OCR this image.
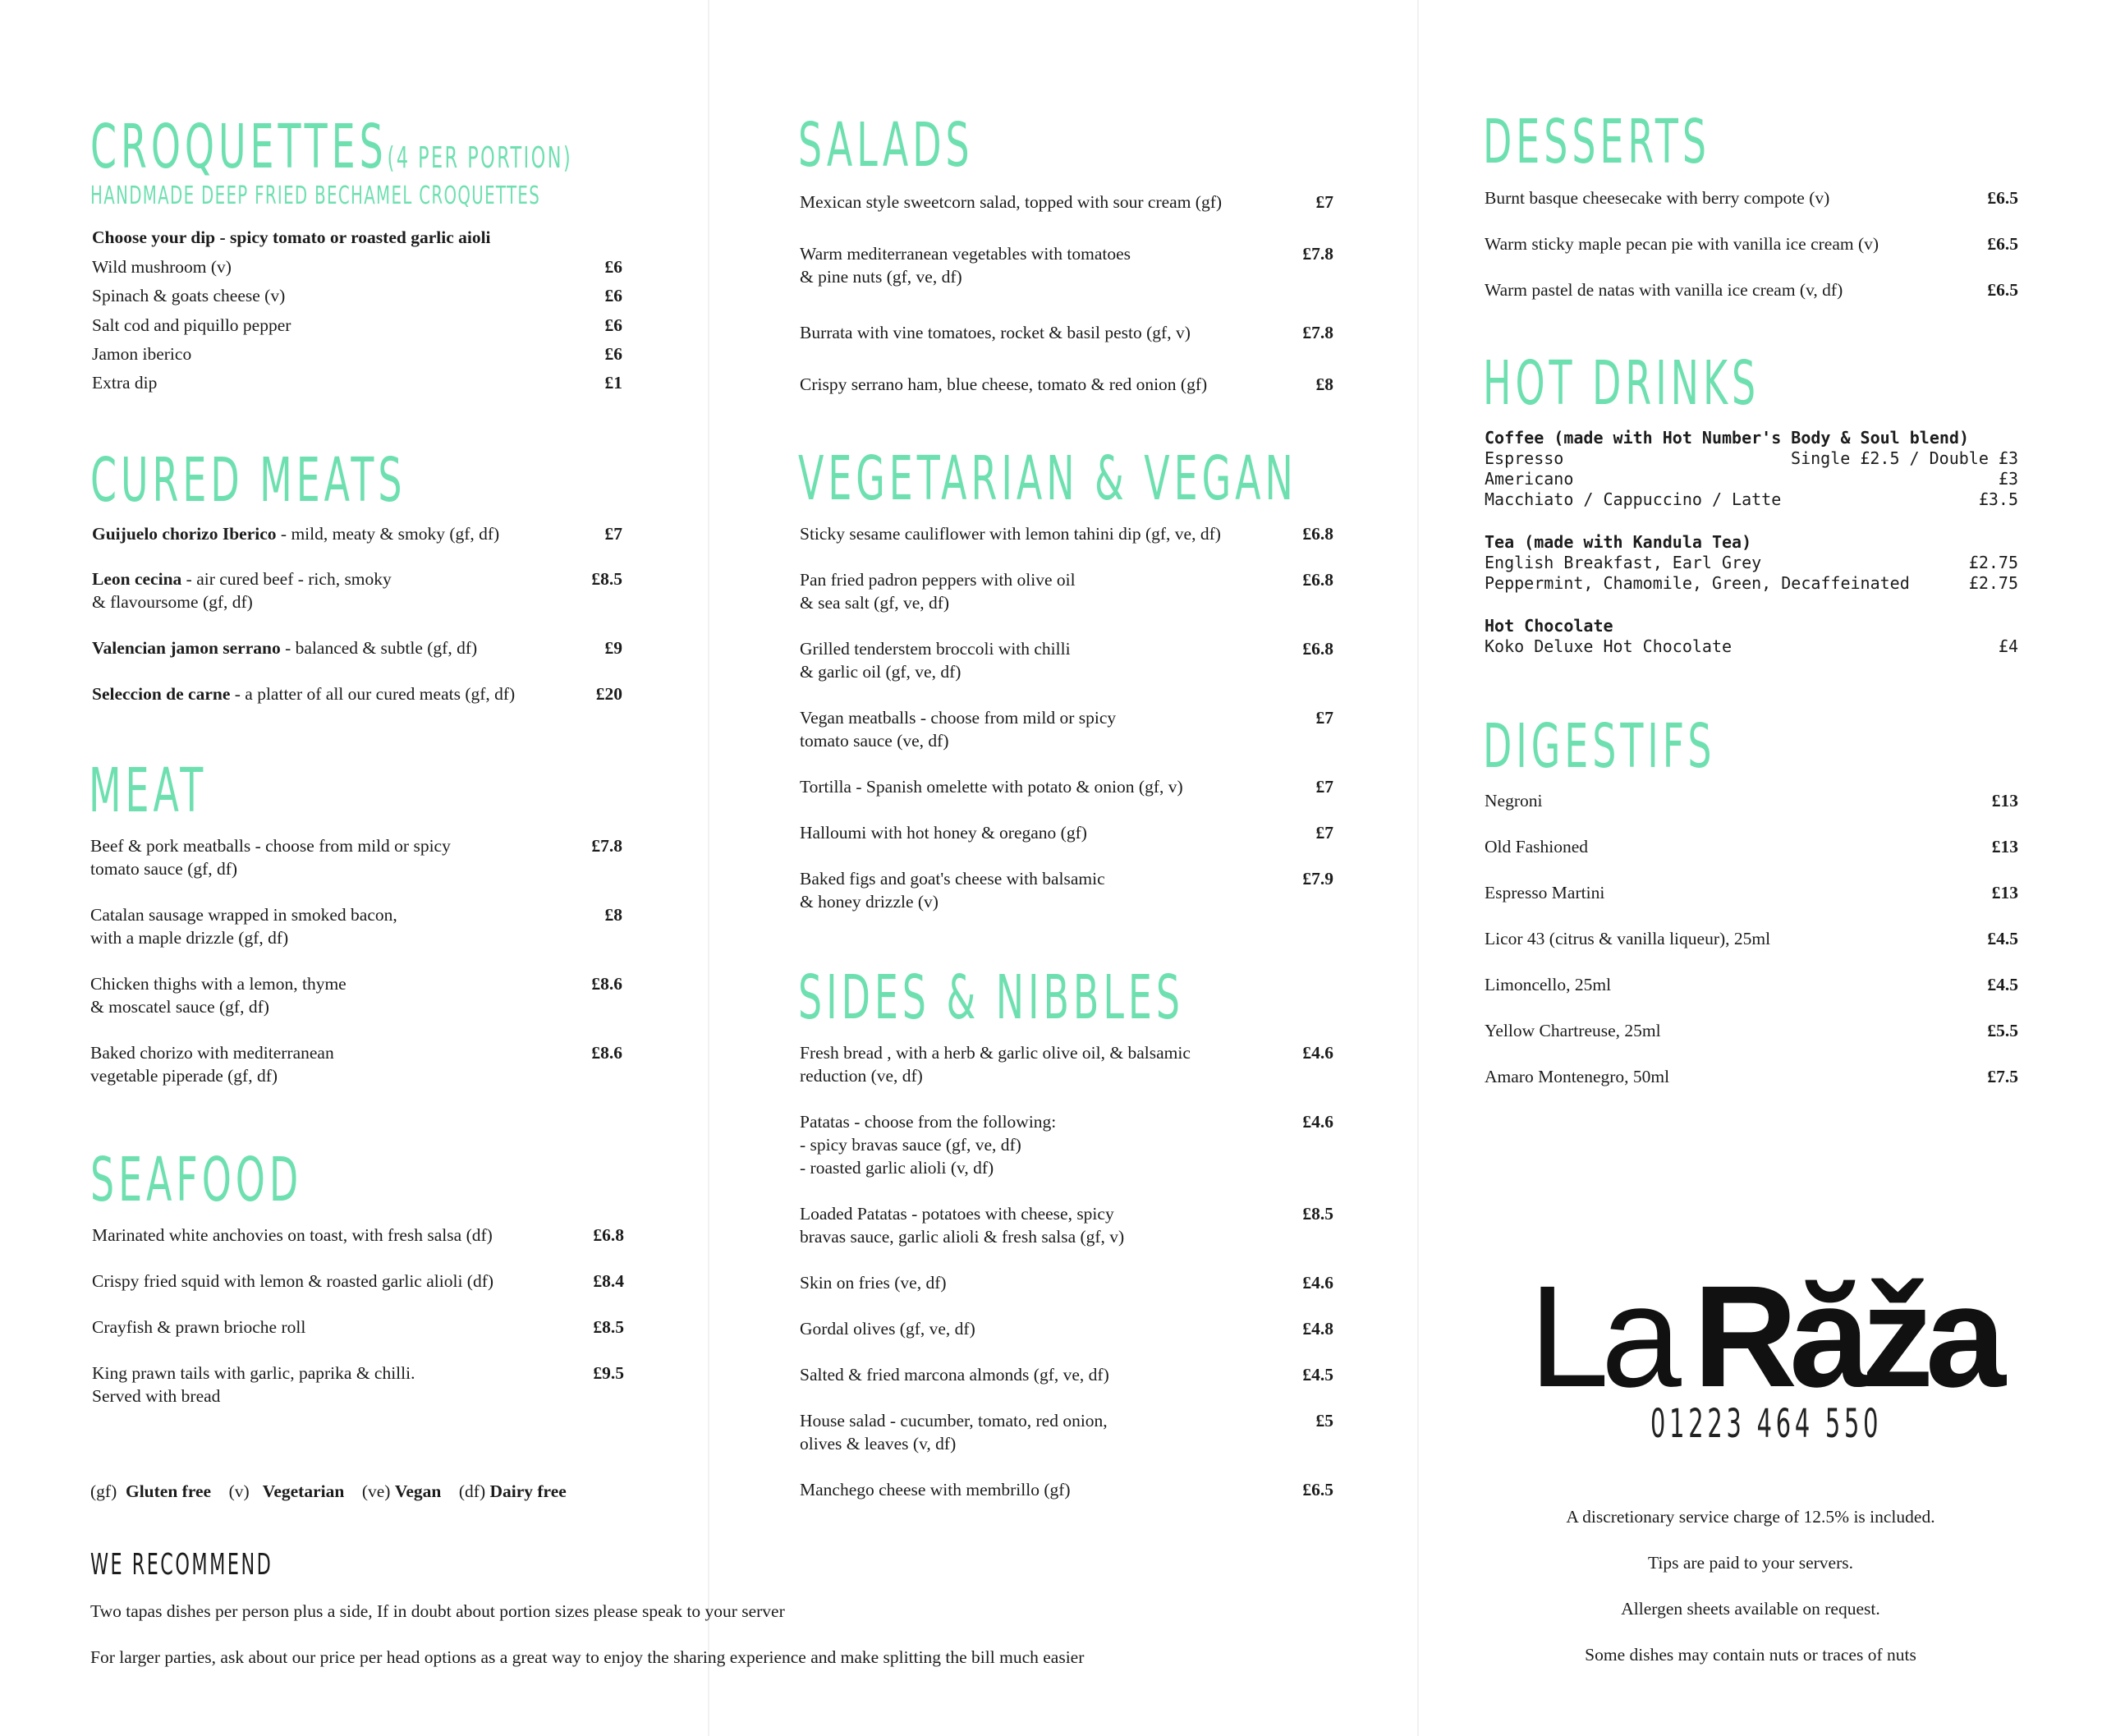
CROQUETTES(4 PER PORTION)
HANDMADE DEEP FRIED BECHAMEL CROQUETTES
Choose your dip - spicy tomato or roasted garlic aioli
Wild mushroom (v)	£6
Spinach & goats cheese (v)	£6
Salt cod and piquillo pepper	£6
Jamon iberico	£6
Extra dip	£1
CURED MEATS
Guijuelo chorizo Iberico - mild, meaty & smoky (gf, df)	£7
Leon cecina - air cured beef - rich, smoky
& flavoursome (gf, df)
£8.5
Valencian jamon serrano - balanced & subtle (gf, df)	£9
Seleccion de carne - a platter of all our cured meats (gf, df)	£20
MEAT
Beef & pork meatballs - choose from mild or spicy
tomato sauce (gf, df)
£7.8
Catalan sausage wrapped in smoked bacon,
with a maple drizzle (gf, df)
£8
Chicken thighs with a lemon, thyme
& moscatel sauce (gf, df)
£8.6
Baked chorizo with mediterranean
vegetable piperade (gf, df)
£8.6
SEAFOOD
Marinated white anchovies on toast, with fresh salsa (df)	£6.8
Crispy fried squid with lemon & roasted garlic alioli (df)	£8.4
Crayfish & prawn brioche roll	£8.5
King prawn tails with garlic, paprika & chilli.
Served with bread
£9.5
(gf) Gluten free (v) Vegetarian (ve) Vegan (df) Dairy free
WE RECOMMEND
Two tapas dishes per person plus a side, If in doubt about portion sizes please speak to your server
For larger parties, ask about our price per head options as a great way to enjoy the sharing experience and make splitting the bill much easier
SALADS
Mexican style sweetcorn salad, topped with sour cream (gf)	£7
Warm mediterranean vegetables with tomatoes
& pine nuts (gf, ve, df)
£7.8
Burrata with vine tomatoes, rocket & basil pesto (gf, v)	£7.8
Crispy serrano ham, blue cheese, tomato & red onion (gf)	£8
VEGETARIAN & VEGAN
Sticky sesame cauliflower with lemon tahini dip (gf, ve, df)	£6.8
Pan fried padron peppers with olive oil
& sea salt (gf, ve, df)
£6.8
Grilled tenderstem broccoli with chilli
& garlic oil (gf, ve, df)
£6.8
Vegan meatballs - choose from mild or spicy
tomato sauce (ve, df)
£7
Tortilla - Spanish omelette with potato & onion (gf, v)	£7
Halloumi with hot honey & oregano (gf)	£7
Baked figs and goat's cheese with balsamic
& honey drizzle (v)
£7.9
SIDES & NIBBLES
Fresh bread , with a herb & garlic olive oil, & balsamic
reduction (ve, df)
£4.6
Patatas - choose from the following:
- spicy bravas sauce (gf, ve, df)
- roasted garlic alioli (v, df)
£4.6
Loaded Patatas - potatoes with cheese, spicy
bravas sauce, garlic alioli & fresh salsa (gf, v)
£8.5
Skin on fries (ve, df)	£4.6
Gordal olives (gf, ve, df)	£4.8
Salted & fried marcona almonds (gf, ve, df)	£4.5
House salad - cucumber, tomato, red onion,
olives & leaves (v, df)
£5
Manchego cheese with membrillo (gf)	£6.5
DESSERTS
Burnt basque cheesecake with berry compote (v)	£6.5
Warm sticky maple pecan pie with vanilla ice cream (v)	£6.5
Warm pastel de natas with vanilla ice cream (v, df)	£6.5
HOT DRINKS
Coffee (made with Hot Number's Body & Soul blend)
Espresso	Single £2.5 / Double £3
Americano	£3
Macchiato / Cappuccino / Latte	£3.5
Tea (made with Kandula Tea)
English Breakfast, Earl Grey	£2.75
Peppermint, Chamomile, Green, Decaffeinated	£2.75
Hot Chocolate
Koko Deluxe Hot Chocolate	£4
DIGESTIFS
Negroni	£13
Old Fashioned	£13
Espresso Martini	£13
Licor 43 (citrus & vanilla liqueur), 25ml	£4.5
Limoncello, 25ml	£4.5
Yellow Chartreuse, 25ml	£5.5
Amaro Montenegro, 50ml	£7.5
La Răža
01223 464 550
A discretionary service charge of 12.5% is included.
Tips are paid to your servers.
Allergen sheets available on request.
Some dishes may contain nuts or traces of nuts
